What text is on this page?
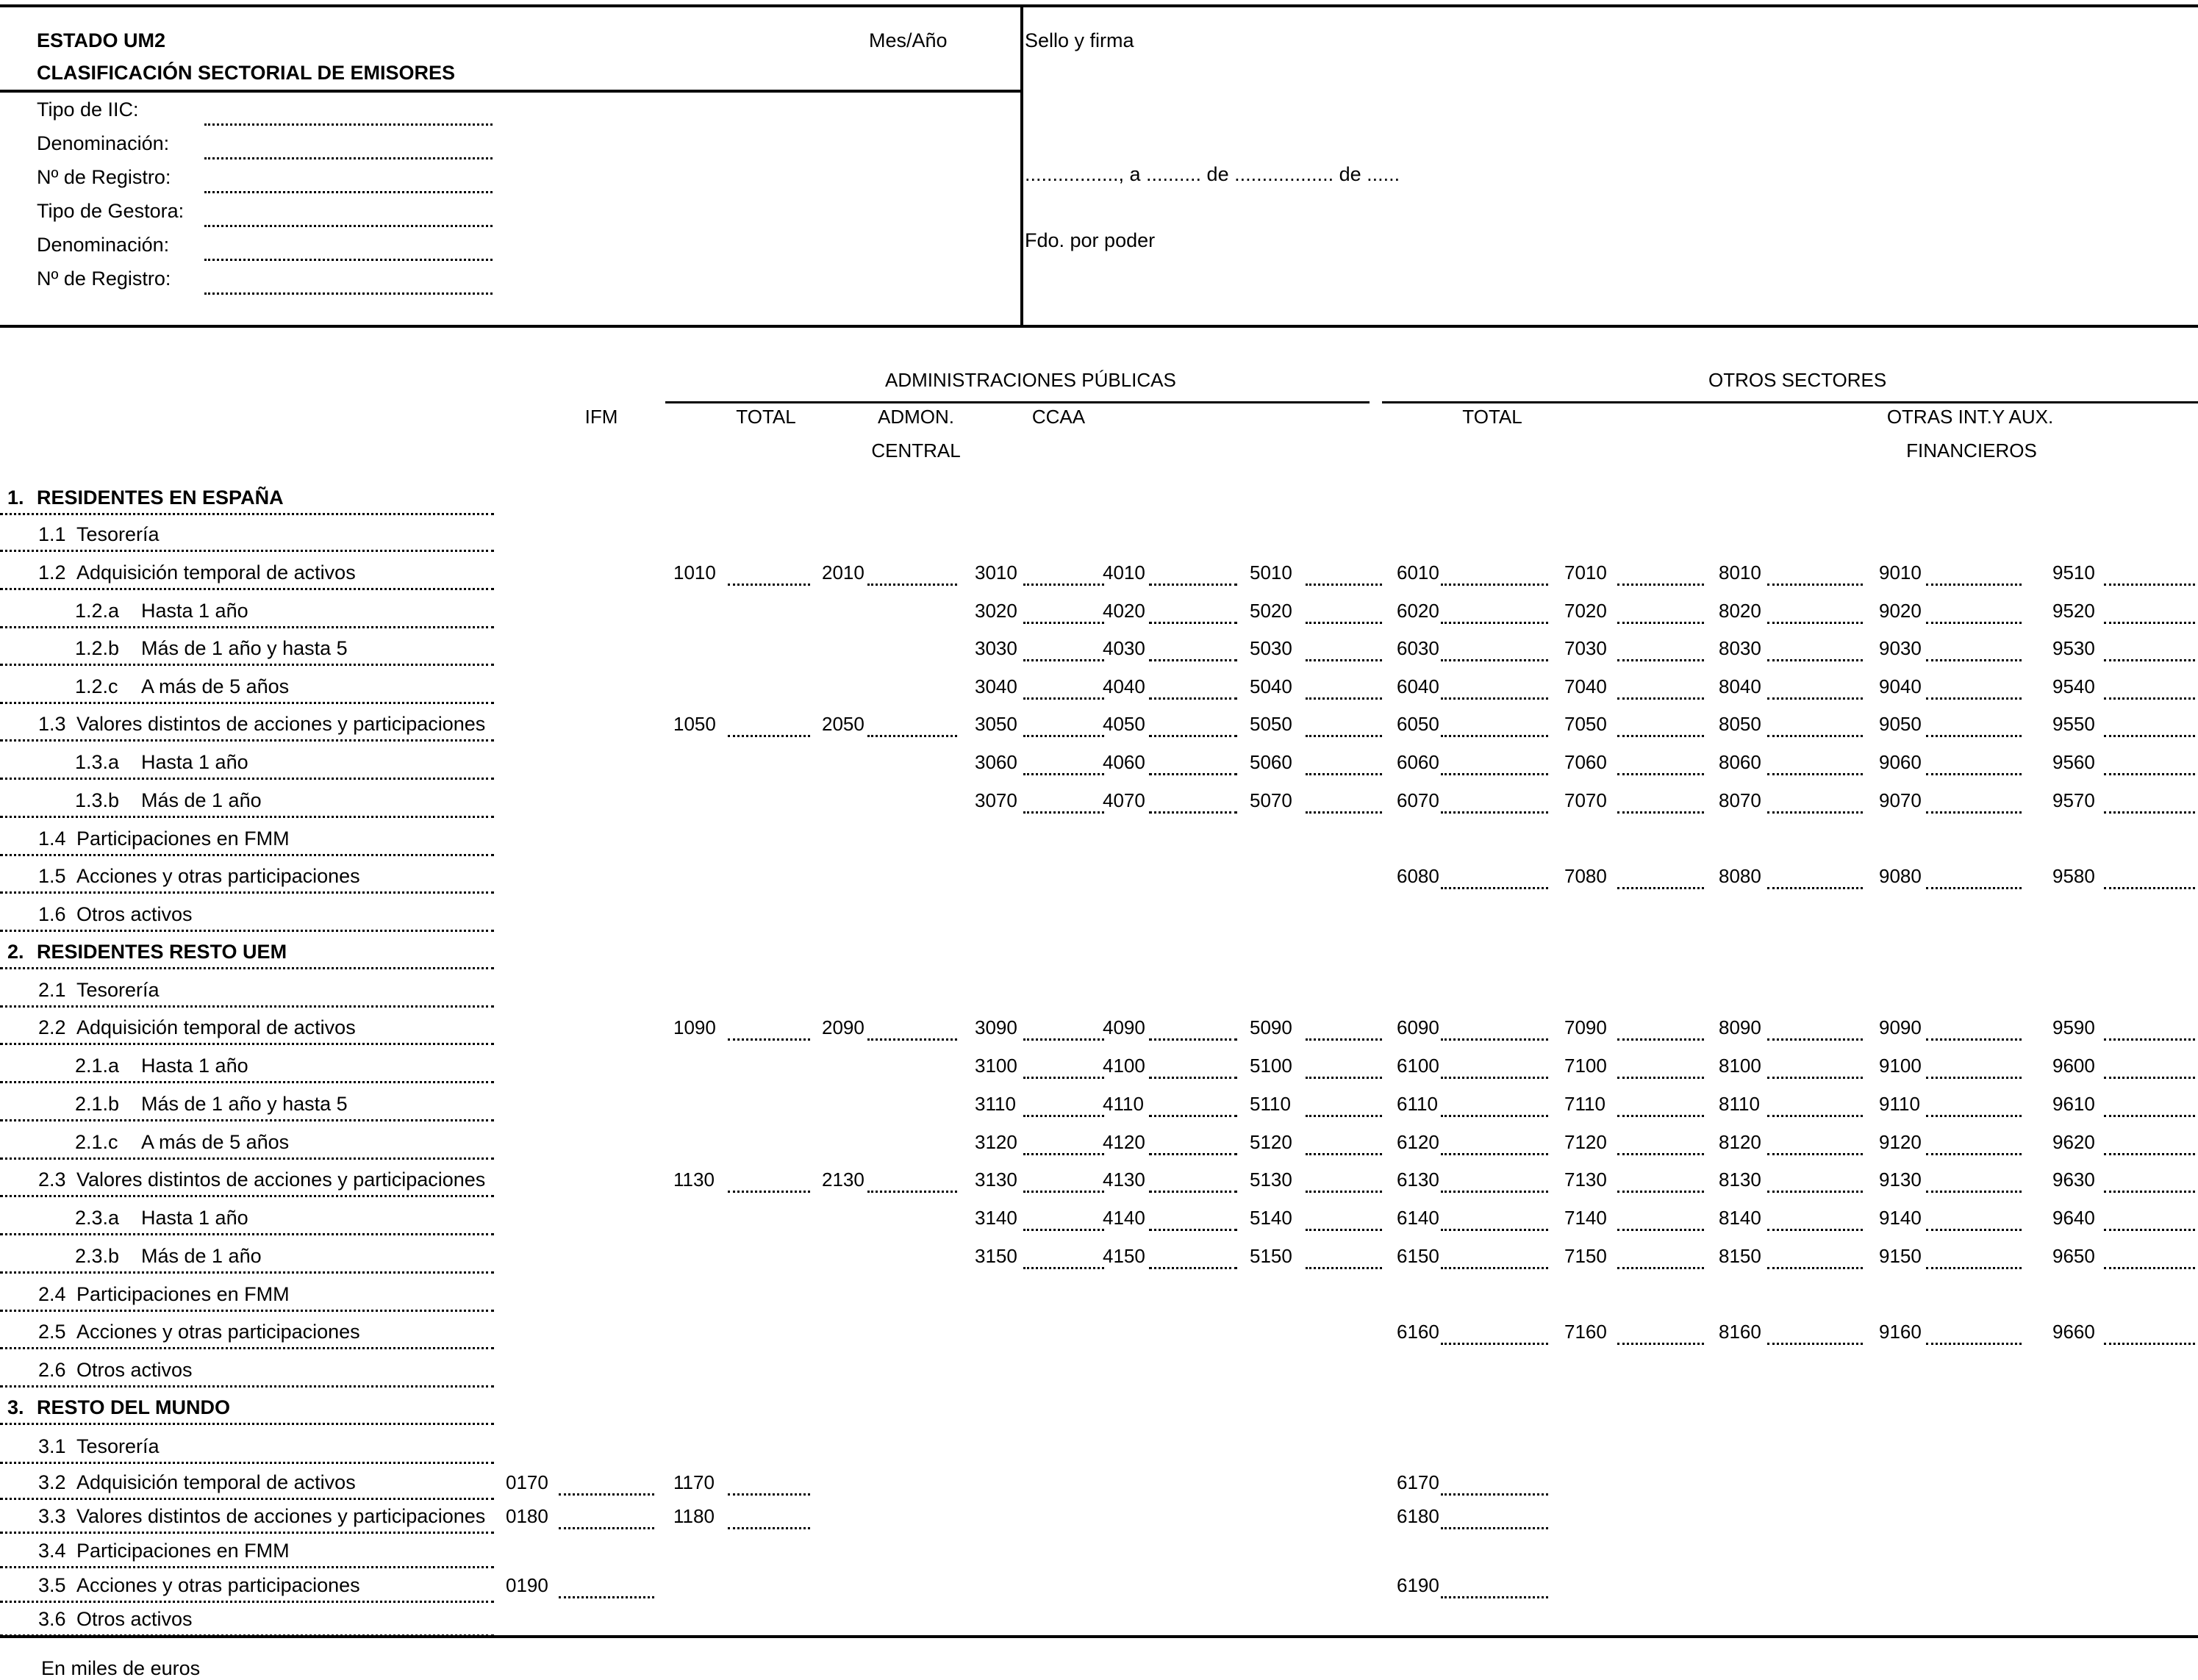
ESTADO UM2
CLASIFICACIÓN SECTORIAL DE EMISORES
Mes/Año	Sello y firma
................., a .......... de .................. de ......
Fdo. por poder
Tipo de IIC:
Denominación:
Nº de Registro:
Tipo de Gestora:
Denominación:
Nº de Registro:
ADMINISTRACIONES PÚBLICAS	OTROS SECTORES
IFM	TOTAL	ADMON.
CENTRAL
CCAA	TOTAL	OTRAS INT.Y AUX.
FINANCIEROS
1. RESIDENTES EN ESPAÑA
1.1 Tesorería
1.2 Adquisición temporal de activos	1010	2010	3010	4010	5010	6010	7010	8010	9010	9510
1.2.a Hasta 1 año	3020	4020	5020	6020	7020	8020	9020	9520
1.2.b Más de 1 año y hasta 5	3030	4030	5030	6030	7030	8030	9030	9530
1.2.c A más de 5 años	3040	4040	5040	6040	7040	8040	9040	9540
1.3 Valores distintos de acciones y participaciones	1050	2050	3050	4050	5050	6050	7050	8050	9050	9550
1.3.a Hasta 1 año	3060	4060	5060	6060	7060	8060	9060	9560
1.3.b Más de 1 año	3070	4070	5070	6070	7070	8070	9070	9570
1.4 Participaciones en FMM
1.5 Acciones y otras participaciones	6080	7080	8080	9080	9580
1.6 Otros activos
2. RESIDENTES RESTO UEM
2.1 Tesorería
2.2 Adquisición temporal de activos	1090	2090	3090	4090	5090	6090	7090	8090	9090	9590
2.1.a Hasta 1 año	3100	4100	5100	6100	7100	8100	9100	9600
2.1.b Más de 1 año y hasta 5	3110	4110	5110	6110	7110	8110	9110	9610
2.1.c A más de 5 años	3120	4120	5120	6120	7120	8120	9120	9620
2.3 Valores distintos de acciones y participaciones	1130	2130	3130	4130	5130	6130	7130	8130	9130	9630
2.3.a Hasta 1 año	3140	4140	5140	6140	7140	8140	9140	9640
2.3.b Más de 1 año	3150	4150	5150	6150	7150	8150	9150	9650
2.4 Participaciones en FMM
2.5 Acciones y otras participaciones	6160	7160	8160	9160	9660
2.6 Otros activos
3. RESTO DEL MUNDO
3.1 Tesorería
3.2 Adquisición temporal de activos	0170	1170	6170
3.3 Valores distintos de acciones y participaciones 0180	1180	6180
3.4 Participaciones en FMM
3.5 Acciones y otras participaciones	0190	6190
3.6 Otros activos
En miles de euros
